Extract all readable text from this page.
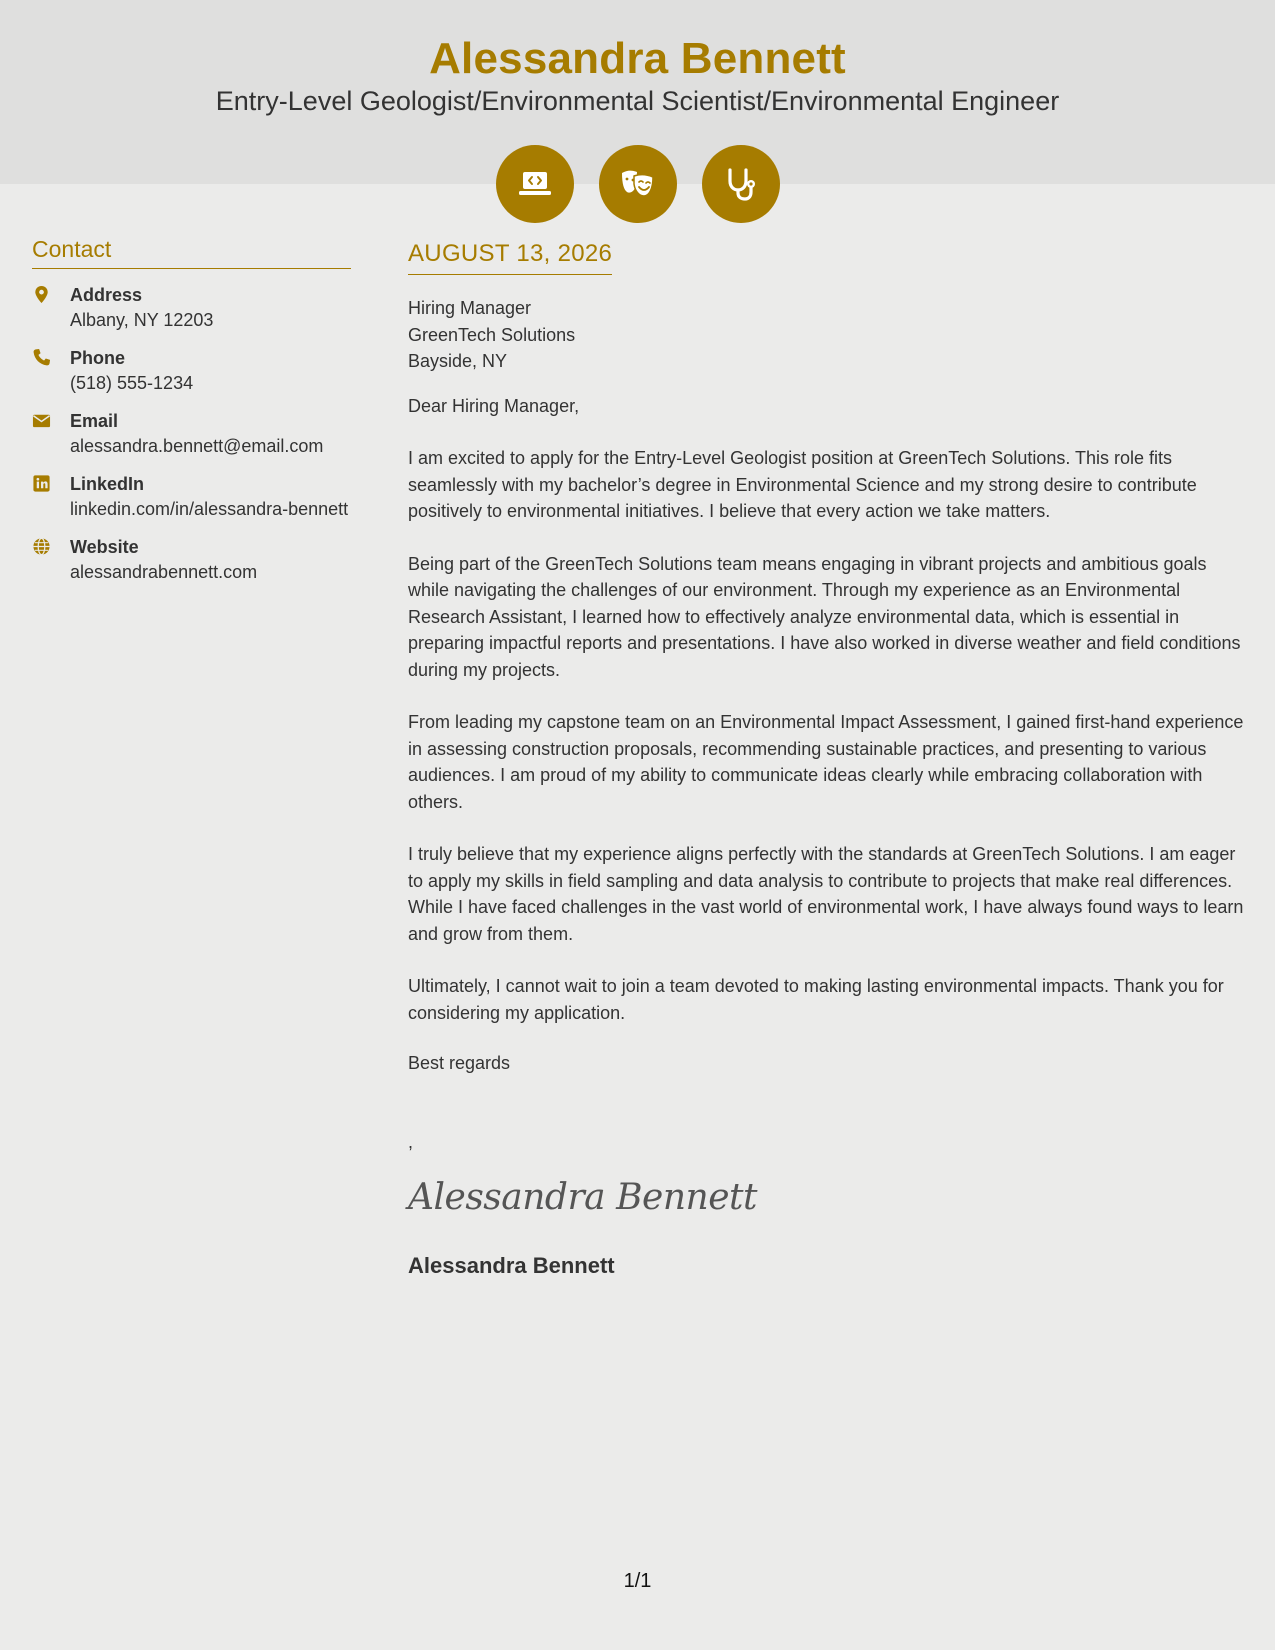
Alessandra Bennett
Entry-Level Geologist/Environmental Scientist/Environmental Engineer
Contact
Address
Albany, NY 12203
Phone
(518) 555-1234
Email
alessandra.bennett@email.com
LinkedIn
linkedin.com/in/alessandra-bennett
Website
alessandrabennett.com
AUGUST 13, 2026
Hiring Manager
GreenTech Solutions
Bayside, NY
Dear Hiring Manager,
I am excited to apply for the Entry-Level Geologist position at GreenTech Solutions. This role fits seamlessly with my bachelor’s degree in Environmental Science and my strong desire to contribute positively to environmental initiatives. I believe that every action we take matters.
Being part of the GreenTech Solutions team means engaging in vibrant projects and ambitious goals while navigating the challenges of our environment. Through my experience as an Environmental Research Assistant, I learned how to effectively analyze environmental data, which is essential in preparing impactful reports and presentations. I have also worked in diverse weather and field conditions during my projects.
From leading my capstone team on an Environmental Impact Assessment, I gained first-hand experience in assessing construction proposals, recommending sustainable practices, and presenting to various audiences. I am proud of my ability to communicate ideas clearly while embracing collaboration with others.
I truly believe that my experience aligns perfectly with the standards at GreenTech Solutions. I am eager to apply my skills in field sampling and data analysis to contribute to projects that make real differences. While I have faced challenges in the vast world of environmental work, I have always found ways to learn and grow from them.
Ultimately, I cannot wait to join a team devoted to making lasting environmental impacts. Thank you for considering my application.
Best regards
,
Alessandra Bennett
Alessandra Bennett
1/1
